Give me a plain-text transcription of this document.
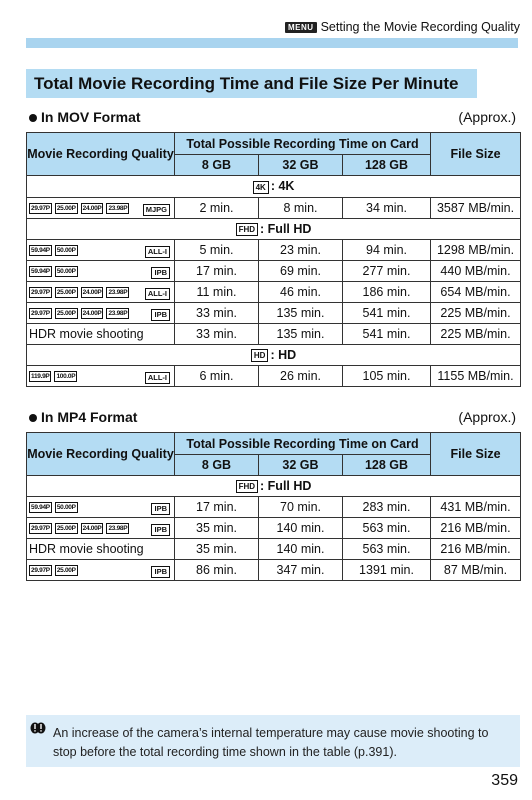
MENU Setting the Movie Recording Quality
Total Movie Recording Time and File Size Per Minute
In MOV Format	(Approx.)
Movie Recording Quality	Total Possible Recording Time on Card			File Size
	8 GB	32 GB	128 GB	
4K : 4K				
29.97P 25.00P 24.00P 23.98P MJPG	2 min.	8 min.	34 min.	3587 MB/min.
FHD : Full HD				
59.94P 50.00P ALL-I	5 min.	23 min.	94 min.	1298 MB/min.
59.94P 50.00P IPB	17 min.	69 min.	277 min.	440 MB/min.
29.97P 25.00P 24.00P 23.98P ALL-I	11 min.	46 min.	186 min.	654 MB/min.
29.97P 25.00P 24.00P 23.98P IPB	33 min.	135 min.	541 min.	225 MB/min.
HDR movie shooting	33 min.	135 min.	541 min.	225 MB/min.
HD : HD				
119.9P 100.0P ALL-I	6 min.	26 min.	105 min.	1155 MB/min.
In MP4 Format	(Approx.)
Movie Recording Quality	Total Possible Recording Time on Card			File Size
	8 GB	32 GB	128 GB	
FHD : Full HD				
59.94P 50.00P IPB	17 min.	70 min.	283 min.	431 MB/min.
29.97P 25.00P 24.00P 23.98P IPB	35 min.	140 min.	563 min.	216 MB/min.
HDR movie shooting	35 min.	140 min.	563 min.	216 MB/min.
29.97P 25.00P IPB	86 min.	347 min.	1391 min.	87 MB/min.
An increase of the camera’s internal temperature may cause movie shooting to stop before the total recording time shown in the table (p.391).
359
